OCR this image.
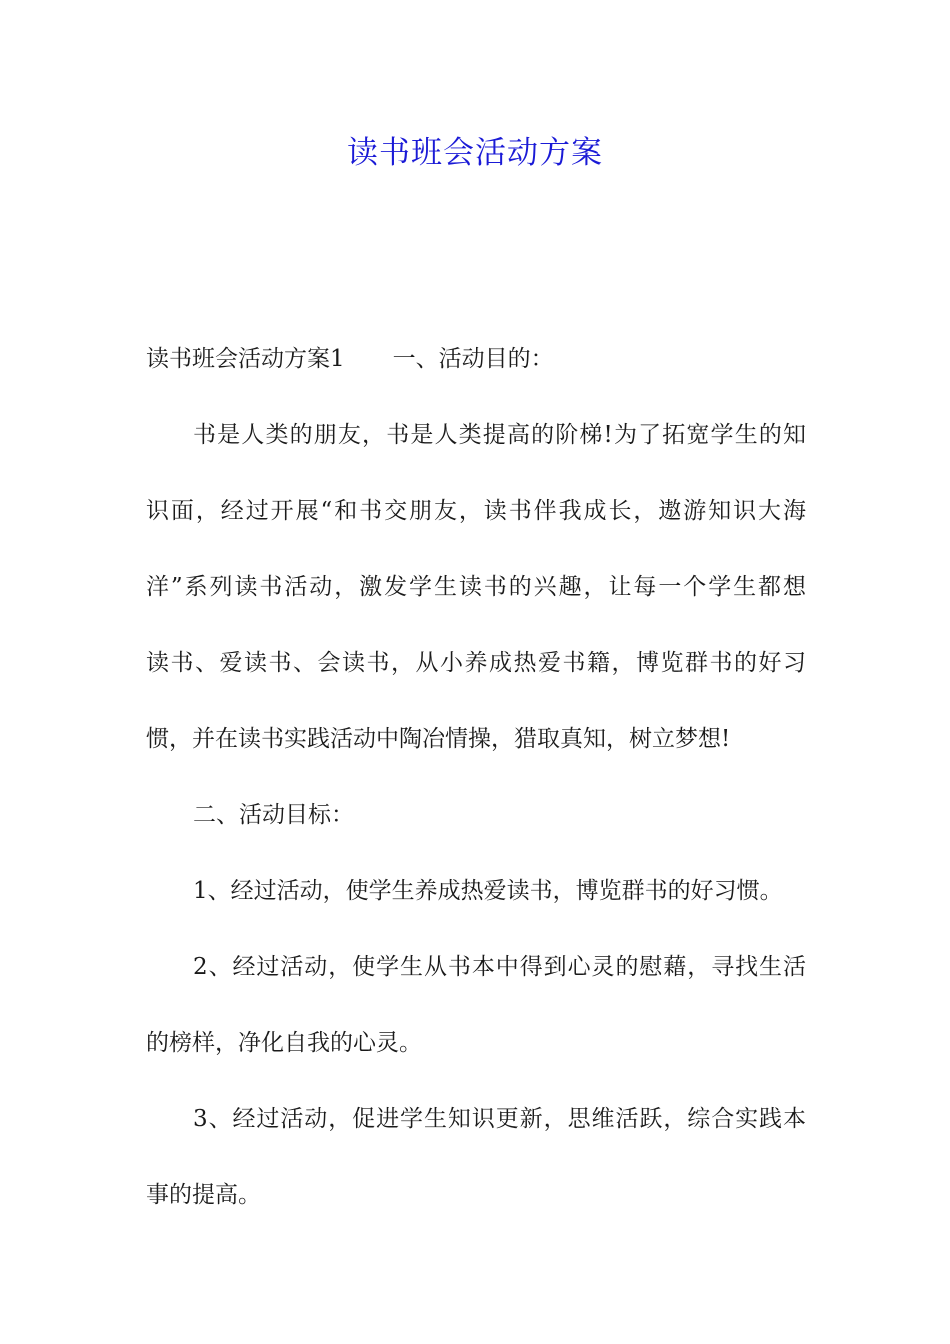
读书班会活动方案
读书班会活动方案1 一、活动目的：
书是人类的朋友，书是人类提高的阶梯!为了拓宽学生的知
识面，经过开展“和书交朋友，读书伴我成长，遨游知识大海
洋”系列读书活动，激发学生读书的兴趣，让每一个学生都想
读书、爱读书、会读书，从小养成热爱书籍，博览群书的好习
惯，并在读书实践活动中陶冶情操，猎取真知，树立梦想!
二、活动目标：
1、经过活动，使学生养成热爱读书，博览群书的好习惯。
2、经过活动，使学生从书本中得到心灵的慰藉，寻找生活
的榜样，净化自我的心灵。
3、经过活动，促进学生知识更新，思维活跃，综合实践本
事的提高。
